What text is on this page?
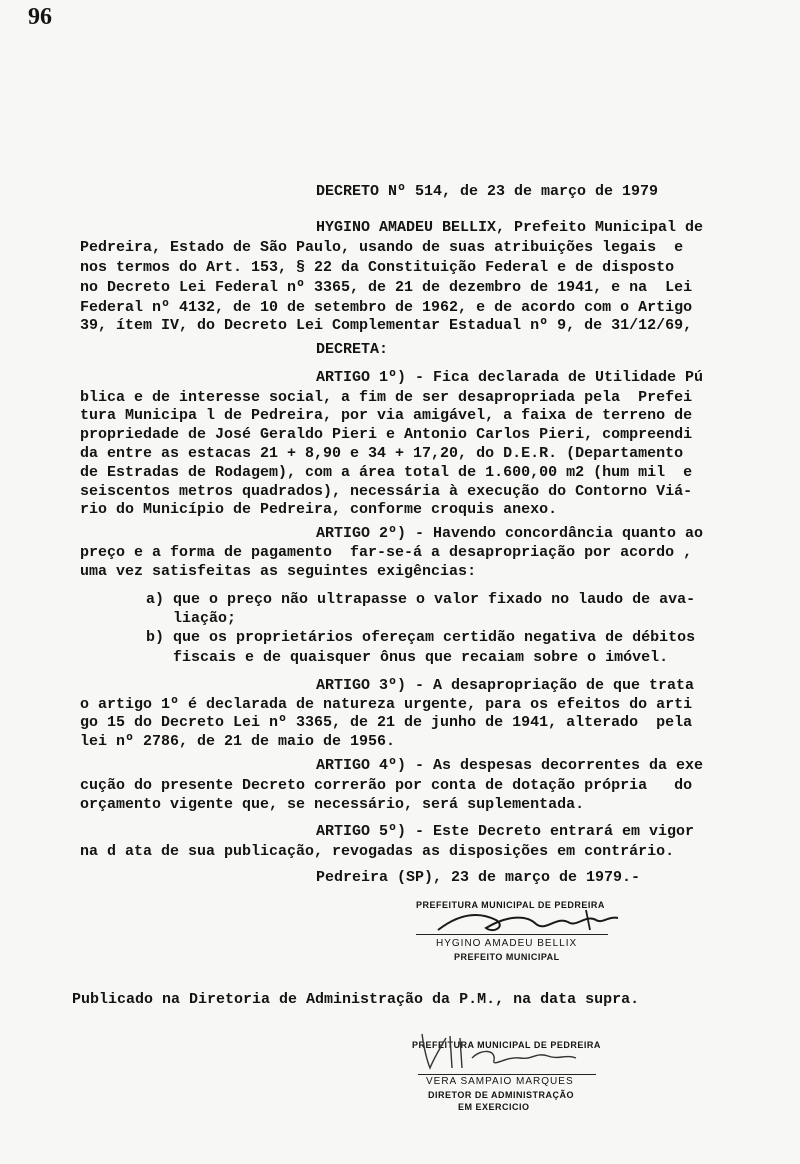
96
DECRETO Nº 514, de 23 de março de 1979
HYGINO AMADEU BELLIX, Prefeito Municipal de
Pedreira, Estado de São Paulo, usando de suas atribuições legais  e
nos termos do Art. 153, § 22 da Constituição Federal e de disposto
no Decreto Lei Federal nº 3365, de 21 de dezembro de 1941, e na  Lei
Federal nº 4132, de 10 de setembro de 1962, e de acordo com o Artigo
39, ítem IV, do Decreto Lei Complementar Estadual nº 9, de 31/12/69,
DECRETA:
ARTIGO 1º) - Fica declarada de Utilidade Pú
blica e de interesse social, a fim de ser desapropriada pela  Prefei
tura Municipa l de Pedreira, por via amigável, a faixa de terreno de
propriedade de José Geraldo Pieri e Antonio Carlos Pieri, compreendi
da entre as estacas 21 + 8,90 e 34 + 17,20, do D.E.R. (Departamento
de Estradas de Rodagem), com a área total de 1.600,00 m2 (hum mil  e
seiscentos metros quadrados), necessária à execução do Contorno Viá-
rio do Município de Pedreira, conforme croquis anexo.
ARTIGO 2º) - Havendo concordância quanto ao
preço e a forma de pagamento  far-se-á a desapropriação por acordo ,
uma vez satisfeitas as seguintes exigências:
a) que o preço não ultrapasse o valor fixado no laudo de ava-
liação;
b) que os proprietários ofereçam certidão negativa de débitos
fiscais e de quaisquer ônus que recaiam sobre o imóvel.
ARTIGO 3º) - A desapropriação de que trata
o artigo 1º é declarada de natureza urgente, para os efeitos do arti
go 15 do Decreto Lei nº 3365, de 21 de junho de 1941, alterado  pela
lei nº 2786, de 21 de maio de 1956.
ARTIGO 4º) - As despesas decorrentes da exe
cução do presente Decreto correrão por conta de dotação própria   do
orçamento vigente que, se necessário, será suplementada.
ARTIGO 5º) - Este Decreto entrará em vigor
na d ata de sua publicação, revogadas as disposições em contrário.
Pedreira (SP), 23 de março de 1979.-
PREFEITURA MUNICIPAL DE PEDREIRA
HYGINO AMADEU BELLIX
PREFEITO MUNICIPAL
Publicado na Diretoria de Administração da P.M., na data supra.
PREFEITURA MUNICIPAL DE PEDREIRA
VERA SAMPAIO MARQUES
DIRETOR DE ADMINISTRAÇÃO
EM EXERCICIO
